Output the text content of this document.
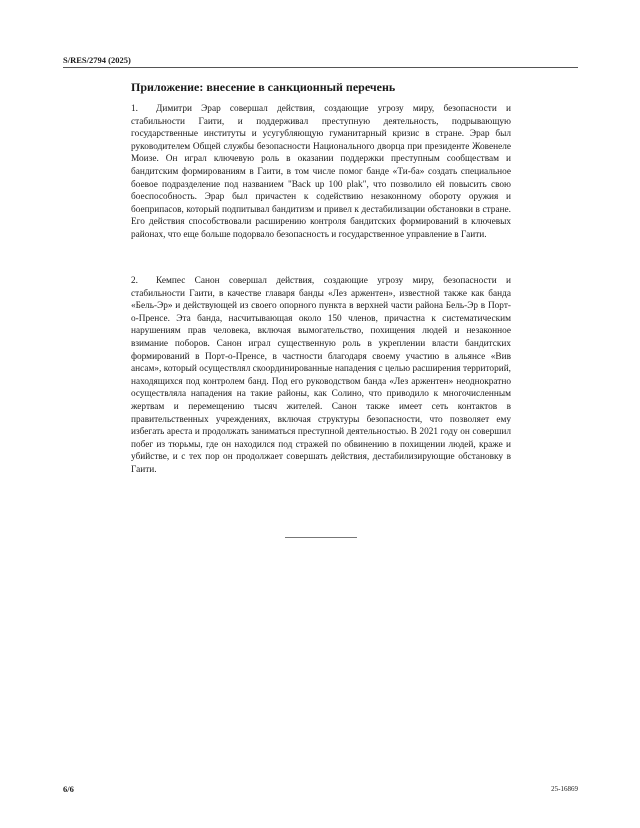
S/RES/2794 (2025)
Приложение: внесение в санкционный перечень
1. Димитри Эрар совершал действия, создающие угрозу миру, безопасности и стабильности Гаити, и поддерживал преступную деятельность, подрывающую государственные институты и усугубляющую гуманитарный кризис в стране. Эрар был руководителем Общей службы безопасности Национального дворца при президенте Жовенеле Моизе. Он играл ключевую роль в оказании поддержки преступным сообществам и бандитским формированиям в Гаити, в том числе помог банде «Ти-ба» создать специальное боевое подразделение под названием "Back up 100 plak", что позволило ей повысить свою боеспособность. Эрар был причастен к содействию незаконному обороту оружия и боеприпасов, который подпитывал бандитизм и привел к дестабилизации обстановки в стране. Его действия способствовали расширению контроля бандитских формирований в ключевых районах, что еще больше подорвало безопасность и государственное управление в Гаити.
2. Кемпес Санон совершал действия, создающие угрозу миру, безопасности и стабильности Гаити, в качестве главаря банды «Лез аржентен», известной также как банда «Бель-Эр» и действующей из своего опорного пункта в верхней части района Бель-Эр в Порт-о-Пренсе. Эта банда, насчитывающая около 150 членов, причастна к систематическим нарушениям прав человека, включая вымогательство, похищения людей и незаконное взимание поборов. Санон играл существенную роль в укреплении власти бандитских формирований в Порт-о-Пренсе, в частности благодаря своему участию в альянсе «Вив ансам», который осуществлял скоординированные нападения с целью расширения территорий, находящихся под контролем банд. Под его руководством банда «Лез аржентен» неоднократно осуществляла нападения на такие районы, как Солино, что приводило к многочисленным жертвам и перемещению тысяч жителей. Санон также имеет сеть контактов в правительственных учреждениях, включая структуры безопасности, что позволяет ему избегать ареста и продолжать заниматься преступной деятельностью. В 2021 году он совершил побег из тюрьмы, где он находился под стражей по обвинению в похищении людей, краже и убийстве, и с тех пор он продолжает совершать действия, дестабилизирующие обстановку в Гаити.
6/6	25-16869
